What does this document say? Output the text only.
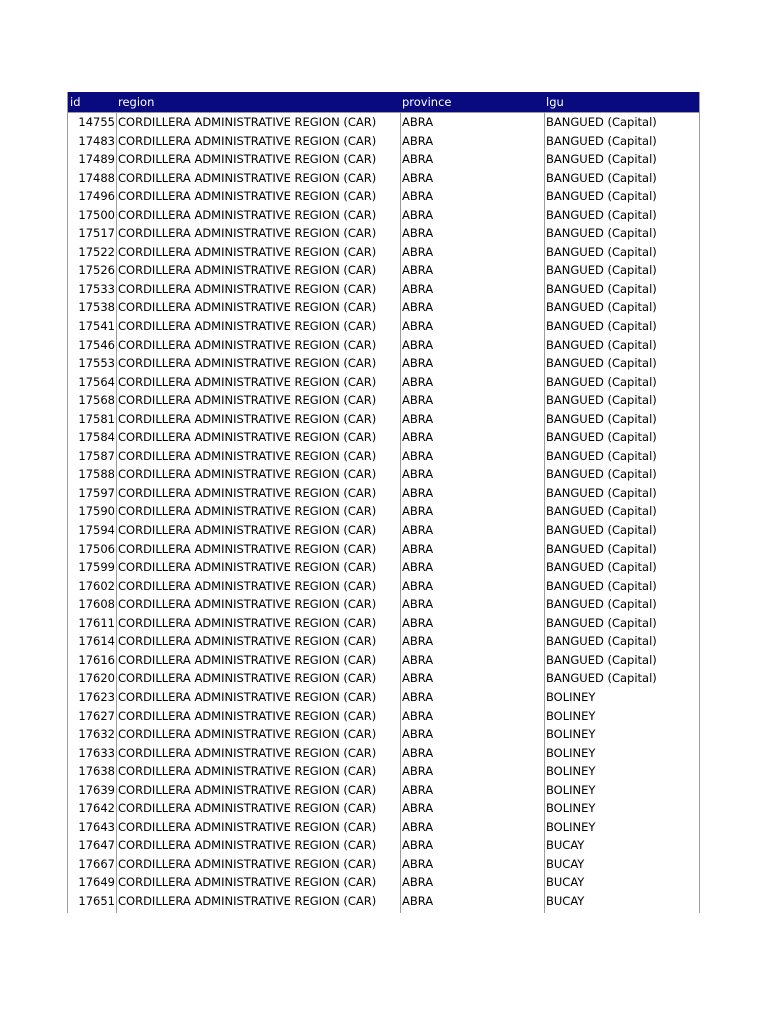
id	region	province	lgu
14755 CORDILLERA ADMINISTRATIVE REGION (CAR)	ABRA	BANGUED (Capital)
17483 CORDILLERA ADMINISTRATIVE REGION (CAR)	ABRA	BANGUED (Capital)
17489 CORDILLERA ADMINISTRATIVE REGION (CAR)	ABRA	BANGUED (Capital)
17488 CORDILLERA ADMINISTRATIVE REGION (CAR)	ABRA	BANGUED (Capital)
17496 CORDILLERA ADMINISTRATIVE REGION (CAR)	ABRA	BANGUED (Capital)
17500 CORDILLERA ADMINISTRATIVE REGION (CAR)	ABRA	BANGUED (Capital)
17517 CORDILLERA ADMINISTRATIVE REGION (CAR)	ABRA	BANGUED (Capital)
17522 CORDILLERA ADMINISTRATIVE REGION (CAR)	ABRA	BANGUED (Capital)
17526 CORDILLERA ADMINISTRATIVE REGION (CAR)	ABRA	BANGUED (Capital)
17533 CORDILLERA ADMINISTRATIVE REGION (CAR)	ABRA	BANGUED (Capital)
17538 CORDILLERA ADMINISTRATIVE REGION (CAR)	ABRA	BANGUED (Capital)
17541 CORDILLERA ADMINISTRATIVE REGION (CAR)	ABRA	BANGUED (Capital)
17546 CORDILLERA ADMINISTRATIVE REGION (CAR)	ABRA	BANGUED (Capital)
17553 CORDILLERA ADMINISTRATIVE REGION (CAR)	ABRA	BANGUED (Capital)
17564 CORDILLERA ADMINISTRATIVE REGION (CAR)	ABRA	BANGUED (Capital)
17568 CORDILLERA ADMINISTRATIVE REGION (CAR)	ABRA	BANGUED (Capital)
17581 CORDILLERA ADMINISTRATIVE REGION (CAR)	ABRA	BANGUED (Capital)
17584 CORDILLERA ADMINISTRATIVE REGION (CAR)	ABRA	BANGUED (Capital)
17587 CORDILLERA ADMINISTRATIVE REGION (CAR)	ABRA	BANGUED (Capital)
17588 CORDILLERA ADMINISTRATIVE REGION (CAR)	ABRA	BANGUED (Capital)
17597 CORDILLERA ADMINISTRATIVE REGION (CAR)	ABRA	BANGUED (Capital)
17590 CORDILLERA ADMINISTRATIVE REGION (CAR)	ABRA	BANGUED (Capital)
17594 CORDILLERA ADMINISTRATIVE REGION (CAR)	ABRA	BANGUED (Capital)
17506 CORDILLERA ADMINISTRATIVE REGION (CAR)	ABRA	BANGUED (Capital)
17599 CORDILLERA ADMINISTRATIVE REGION (CAR)	ABRA	BANGUED (Capital)
17602 CORDILLERA ADMINISTRATIVE REGION (CAR)	ABRA	BANGUED (Capital)
17608 CORDILLERA ADMINISTRATIVE REGION (CAR)	ABRA	BANGUED (Capital)
17611 CORDILLERA ADMINISTRATIVE REGION (CAR)	ABRA	BANGUED (Capital)
17614 CORDILLERA ADMINISTRATIVE REGION (CAR)	ABRA	BANGUED (Capital)
17616 CORDILLERA ADMINISTRATIVE REGION (CAR)	ABRA	BANGUED (Capital)
17620 CORDILLERA ADMINISTRATIVE REGION (CAR)	ABRA	BANGUED (Capital)
17623 CORDILLERA ADMINISTRATIVE REGION (CAR)	ABRA	BOLINEY
17627 CORDILLERA ADMINISTRATIVE REGION (CAR)	ABRA	BOLINEY
17632 CORDILLERA ADMINISTRATIVE REGION (CAR)	ABRA	BOLINEY
17633 CORDILLERA ADMINISTRATIVE REGION (CAR)	ABRA	BOLINEY
17638 CORDILLERA ADMINISTRATIVE REGION (CAR)	ABRA	BOLINEY
17639 CORDILLERA ADMINISTRATIVE REGION (CAR)	ABRA	BOLINEY
17642 CORDILLERA ADMINISTRATIVE REGION (CAR)	ABRA	BOLINEY
17643 CORDILLERA ADMINISTRATIVE REGION (CAR)	ABRA	BOLINEY
17647 CORDILLERA ADMINISTRATIVE REGION (CAR)	ABRA	BUCAY
17667 CORDILLERA ADMINISTRATIVE REGION (CAR)	ABRA	BUCAY
17649 CORDILLERA ADMINISTRATIVE REGION (CAR)	ABRA	BUCAY
17651 CORDILLERA ADMINISTRATIVE REGION (CAR)	ABRA	BUCAY
